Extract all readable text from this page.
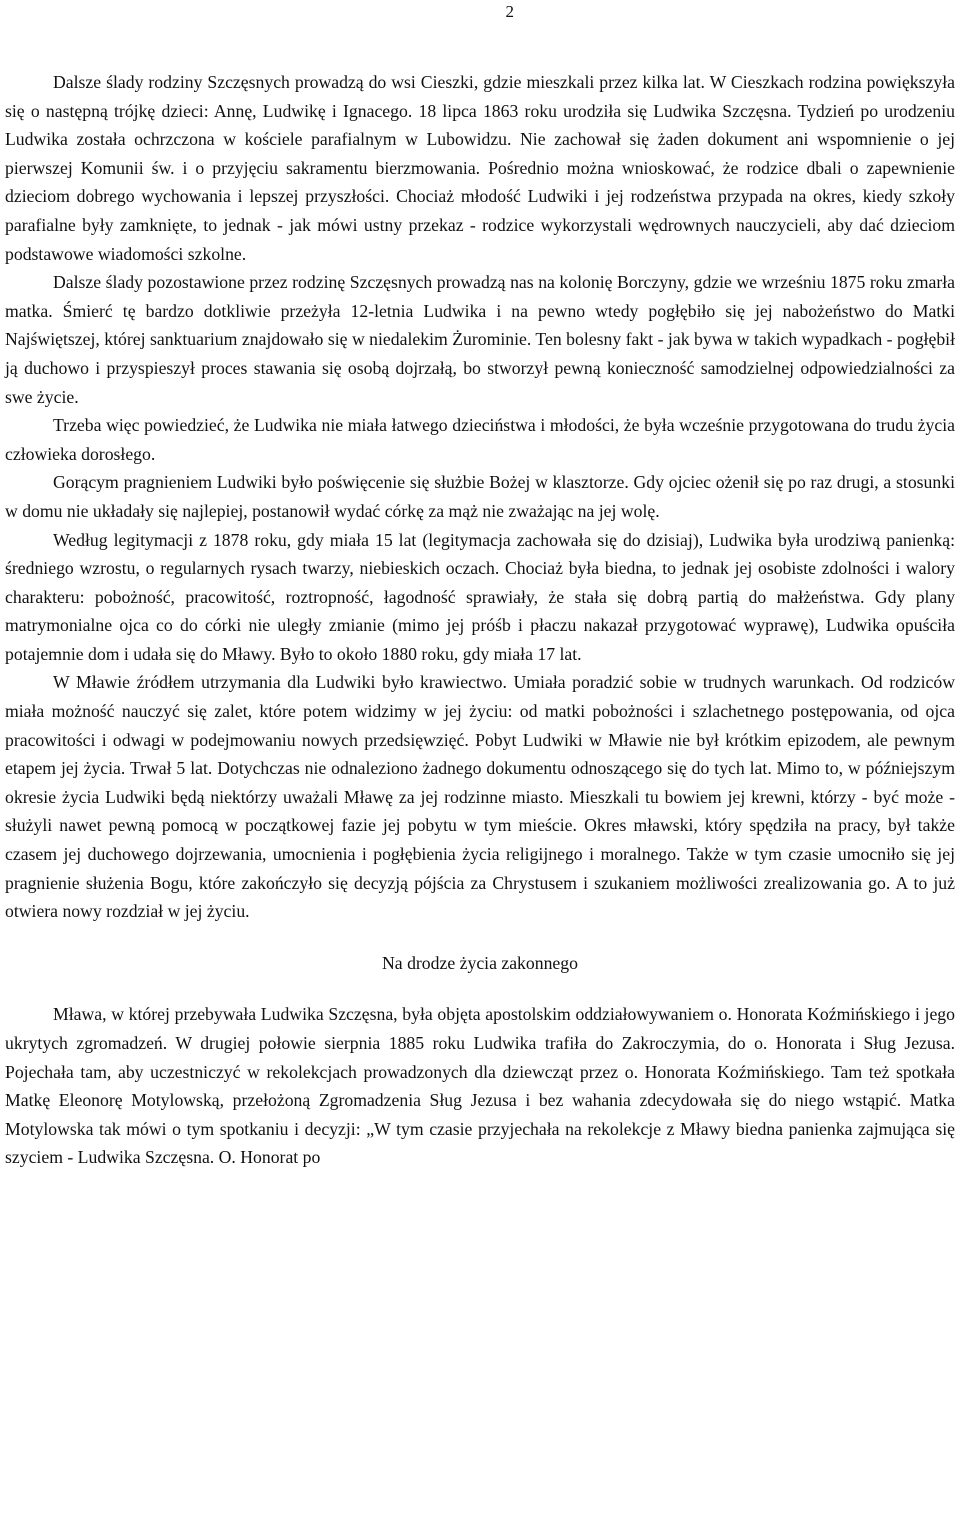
2

Dalsze ślady rodziny Szczęsnych prowadzą do wsi Cieszki, gdzie mieszkali przez kilka lat. W Cieszkach rodzina powiększyła się o następną trójkę dzieci: Annę, Ludwikę i Ignacego. 18 lipca 1863 roku urodziła się Ludwika Szczęsna. Tydzień po urodzeniu Ludwika została ochrzczona w kościele parafialnym w Lubowidzu. Nie zachował się żaden dokument ani wspomnienie o jej pierwszej Komunii św. i o przyjęciu sakramentu bierzmowania. Pośrednio można wnioskować, że rodzice dbali o zapewnienie dzieciom dobrego wychowania i lepszej przyszłości. Chociaż młodość Ludwiki i jej rodzeństwa przypada na okres, kiedy szkoły parafialne były zamknięte, to jednak - jak mówi ustny przekaz - rodzice wykorzystali wędrownych nauczycieli, aby dać dzieciom podstawowe wiadomości szkolne.

Dalsze ślady pozostawione przez rodzinę Szczęsnych prowadzą nas na kolonię Borczyny, gdzie we wrześniu 1875 roku zmarła matka. Śmierć tę bardzo dotkliwie przeżyła 12-letnia Ludwika i na pewno wtedy pogłębiło się jej nabożeństwo do Matki Najświętszej, której sanktuarium znajdowało się w niedalekim Żurominie. Ten bolesny fakt - jak bywa w takich wypadkach - pogłębił ją duchowo i przyspieszył proces stawania się osobą dojrzałą, bo stworzył pewną konieczność samodzielnej odpowiedzialności za swe życie.

Trzeba więc powiedzieć, że Ludwika nie miała łatwego dzieciństwa i młodości, że była wcześnie przygotowana do trudu życia człowieka dorosłego.

Gorącym pragnieniem Ludwiki było poświęcenie się służbie Bożej w klasztorze. Gdy ojciec ożenił się po raz drugi, a stosunki w domu nie układały się najlepiej, postanowił wydać córkę za mąż nie zważając na jej wolę.

Według legitymacji z 1878 roku, gdy miała 15 lat (legitymacja zachowała się do dzisiaj), Ludwika była urodziwą panienką: średniego wzrostu, o regularnych rysach twarzy, niebieskich oczach. Chociaż była biedna, to jednak jej osobiste zdolności i walory charakteru: pobożność, pracowitość, roztropność, łagodność sprawiały, że stała się dobrą partią do małżeństwa. Gdy plany matrymonialne ojca co do córki nie uległy zmianie (mimo jej próśb i płaczu nakazał przygotować wyprawę), Ludwika opuściła potajemnie dom i udała się do Mławy. Było to około 1880 roku, gdy miała 17 lat.

W Mławie źródłem utrzymania dla Ludwiki było krawiectwo. Umiała poradzić sobie w trudnych warunkach. Od rodziców miała możność nauczyć się zalet, które potem widzimy w jej życiu: od matki pobożności i szlachetnego postępowania, od ojca pracowitości i odwagi w podejmowaniu nowych przedsięwzięć. Pobyt Ludwiki w Mławie nie był krótkim epizodem, ale pewnym etapem jej życia. Trwał 5 lat. Dotychczas nie odnaleziono żadnego dokumentu odnoszącego się do tych lat. Mimo to, w późniejszym okresie życia Ludwiki będą niektórzy uważali Mławę za jej rodzinne miasto. Mieszkali tu bowiem jej krewni, którzy - być może - służyli nawet pewną pomocą w początkowej fazie jej pobytu w tym mieście. Okres mławski, który spędziła na pracy, był także czasem jej duchowego dojrzewania, umocnienia i pogłębienia życia religijnego i moralnego. Także w tym czasie umocniło się jej pragnienie służenia Bogu, które zakończyło się decyzją pójścia za Chrystusem i szukaniem możliwości zrealizowania go. A to już otwiera nowy rozdział w jej życiu.

Na drodze życia zakonnego

Mława, w której przebywała Ludwika Szczęsna, była objęta apostolskim oddziałowywaniem o. Honorata Koźmińskiego i jego ukrytych zgromadzeń. W drugiej połowie sierpnia 1885 roku Ludwika trafiła do Zakroczymia, do o. Honorata i Sług Jezusa. Pojechała tam, aby uczestniczyć w rekolekcjach prowadzonych dla dziewcząt przez o. Honorata Koźmińskiego. Tam też spotkała Matkę Eleonorę Motylowską, przełożoną Zgromadzenia Sług Jezusa i bez wahania zdecydowała się do niego wstąpić. Matka Motylowska tak mówi o tym spotkaniu i decyzji: „W tym czasie przyjechała na rekolekcje z Mławy biedna panienka zajmująca się szyciem - Ludwika Szczęsna. O. Honorat po
